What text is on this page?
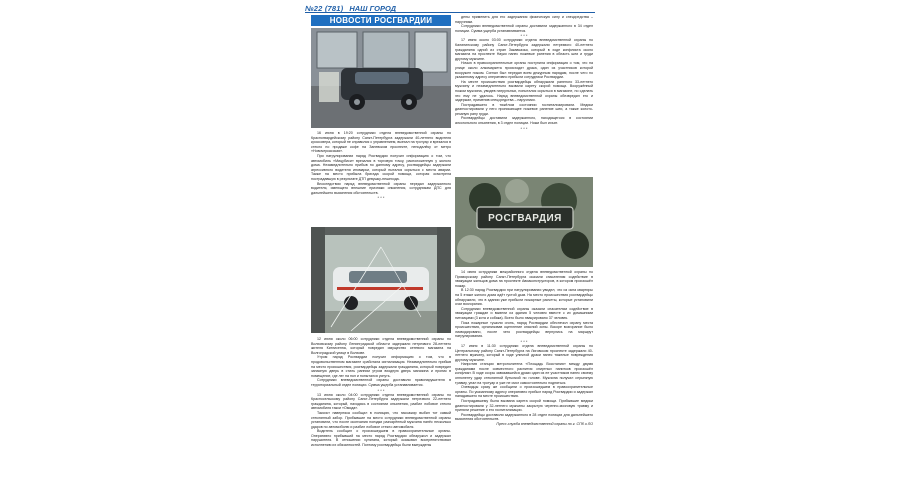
№22 (781) НАШ ГОРОД
НОВОСТИ РОСГВАРДИИ
РОСГВАРДИЯ

16 июня в 19:20 сотрудники отдела вневедомственной охраны по Красногвардейскому району Санкт-Петербурга задержали 40-летнего водителя кроссовера, который не справился с управлением, выехал на тротуар и врезался в стекло по продаже кофе на Заневском проспекте, неподалёку от метро «Новочеркасская».

При патрулировании наряд Росгвардии получил информацию о том, что автомобиль «Мицубиси» врезался в торговую точку, расположенную у жилого дома. Незамедлительно прибыв по данному адресу, росгвардейцы задержали агрессивного водителя иномарки, который пытался скрыться с места аварии. Также на место прибыла бригада скорой помощи, которая осмотрела пострадавшую в результате ДТП девушку-пешехода.

Впоследствии наряд вневедомственной охраны передал задержанного водителя, имеющего внешние признаки опьянения, сотрудникам ДПС для дальнейшего выяснения обстоятельств.

* * *

12 июня около 06:00 сотрудники отдела вневедомственной охраны по Волховскому району Ленинградской области задержали нетрезвого 28-летнего жителя Кингисеппа, который повредил имущество сетевого магазина на Волгоградской улице в Волхове.

Утром наряд Росгвардии получил информацию о том, что в продовольственном магазине сработала сигнализация. Незамедлительно прибыв на место происшествия, росгвардейцы задержали гражданина, который повредил запасную дверь в стиль ранним утром входную дверь магазина и проник в помещение, где лег на пол и попытался уснуть.

Сотрудники вневедомственной охраны доставили правонарушителя в территориальный отдел полиции. Сумма ущерба устанавливается.

* * *

13 июня около 04:00 сотрудники отдела вневедомственной охраны по Красносельскому району Санкт-Петербурга задержали нетрезвого 22-летнего гражданина, который, находясь в состоянии опьянения, разбил лобовое стекло автомобиля такси «Омода».

Таксист наверняка сообщил в полицию, что пассажир выбил тот самый стеклянный забор. Прибывшие на место сотрудники вневедомственной охраны установили, что после окончания поездки разъярённый мужчина нанёс несколько ударов по автомобилю и разбил лобовое стекло автомобиля.

Водитель сообщил о произошедшем в правоохранительные органы. Оперативно прибывший на место наряд Росгвардии обнаружил и задержал нарушителя. В отношении хулигана, который оказывал воспрепятствовал исполнению их обязанностей. Поэтому росгвардейцы были вынуждены

дены применить для его задержания физическую силу и спецсредства – наручники.

Сотрудники вневедомственной охраны доставили задержанного в 34 отдел полиции. Сумма ущерба устанавливается.

* * *

17 июня около 03:00 сотрудники отдела вневедомственной охраны по Калининскому району Санкт-Петербурга задержали нетрезвого 40-летнего гражданина одной из стран Закавказья, который в ходе конфликта около магазина на проспекте Науки нанес ножевые ранения в область шеи и груди другому мужчине.

Ночью в правоохранительные органы поступила информация о том, что на улице около алкомаркета происходит драка, один из участников которой вооружен ножом. Сигнал был передан всем дежурным нарядам, после чего по указанному адресу оперативно прибыли сотрудники Росгвардии.

На месте происшествия росгвардейцы обнаружили раненого 33-летнего мужчину и незамедлительно вызвали карету скорой помощи. Вооружённый ножом мужчина, увидев патрульных, попытался скрыться в магазине, но сделать это ему не удалось. Наряд вневедомственной охраны обезвредил его и задержал, применив спецсредства – наручники.

Пострадавшего в тяжёлом состоянии госпитализировали. Медики диагностировали у него проникающее ножевое ранение шеи, а также колото-резаную рану груди.

Росгвардейцы доставили задержанного, находящегося в состоянии алкогольного опьянения, в 3 отдел полиции. Ножи был изъят.

* * *

14 июня сотрудники межрайонного отдела вневедомственной охраны по Приморскому району Санкт-Петербурга оказали спасателям содействие в эвакуации жильцов дома на проспекте Авиаконструкторов, в котором произошёл пожар.

В 12:30 наряд Росгвардии при патрулировании увидел, что из окна квартиры на 5 этаже жилого дома идёт густой дым. На место происшествия росгвардейцы обнаружили, что в здании уже прибыли пожарные расчеты, которые установили очаг возгорания.

Сотрудники вневедомственной охраны оказали спасателям содействие в эвакуации граждан и вывели из здания 5 человек вместе с их домашними питомцами (3 кота и собака). Всего было эвакуировано 37 человек.

Пока пожарные тушили огонь, наряд Росгвардии обеспечил охрану места происшествия, организовав оцепление опасной зоны. Вскоре возгорание было ликвидировано, после чего росгвардейцы вернулись на маршрут патрулирования.

* * *

17 июня в 11:30 сотрудники отдела вневедомственной охраны по Центральному району Санкт-Петербурга на Лиговском проспекте задержали 40-летнего мужчину, который в ходе уличной драки нанес тяжелые повреждения другому мужчине.

Напротив станции метрополитена «Площадь Восстания» между двумя гражданами после совместного распития спиртных напитков произошёл конфликт. В ходе ссоры завязавшейся драки один из ее участников нанес своему оппоненту удар стеклянной бутылкой по голове. Мужчина получил серьезную травму, упал на тротуар и уже не смог самостоятельно подняться.

Очевидцы сразу же сообщили о произошедшем в правоохранительные органы. По указанному адресу оперативно прибыл наряд Росгвардии и задержал нападавшего на месте происшествия.

Пострадавшему была вызвана карета скорой помощи. Прибывшие медики диагностировали у 32-летнего мужчины закрытую черепно-мозговую травму и приняли решение о его госпитализации.

Росгвардейцы доставили задержанного в 28 отдел полиции для дальнейшего выяснения обстоятельств.

Пресс-служба вневедомственной охраны по г. СПб и ЛО
